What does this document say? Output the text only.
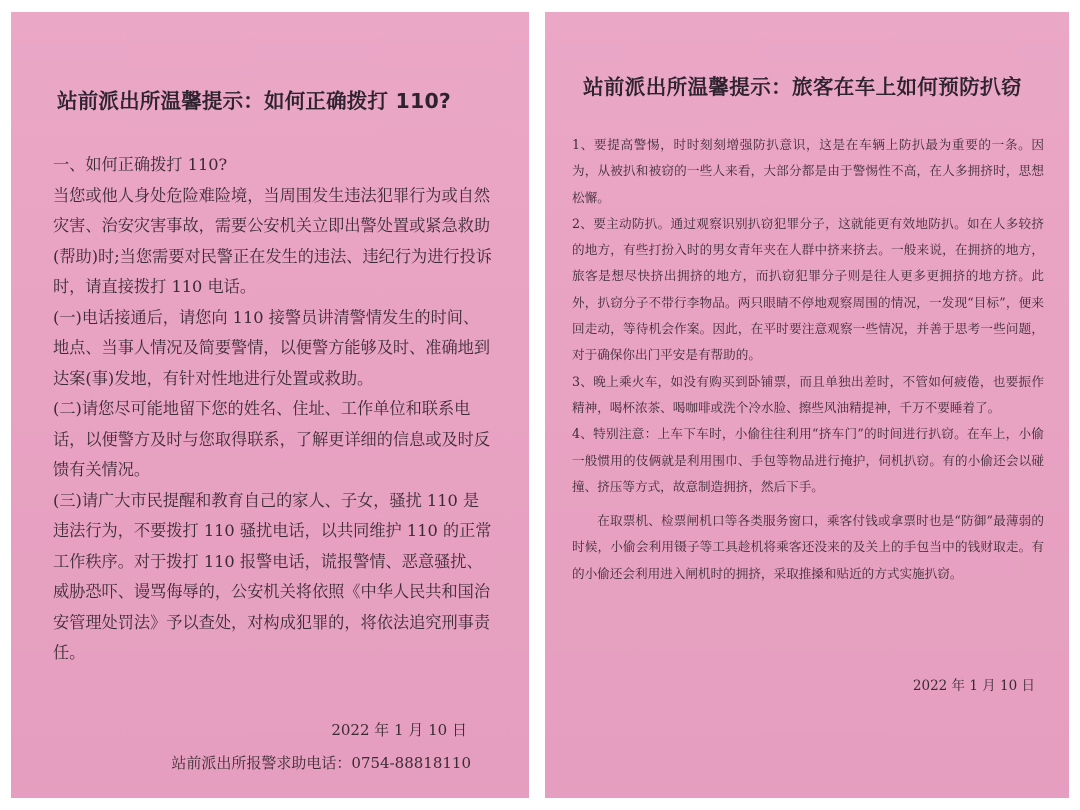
站前派出所温馨提示：如何正确拨打 110?

一、如何正确拨打 110?

当您或他人身处危险难险境，当周围发生违法犯罪行为或自然灾害、治安灾害事故，需要公安机关立即出警处置或紧急救助(帮助)时;当您需要对民警正在发生的违法、违纪行为进行投诉时，请直接拨打 110 电话。

(一)电话接通后，请您向 110 接警员讲清警情发生的时间、地点、当事人情况及简要警情，以便警方能够及时、准确地到达案(事)发地，有针对性地进行处置或救助。

(二)请您尽可能地留下您的姓名、住址、工作单位和联系电话，以便警方及时与您取得联系，了解更详细的信息或及时反馈有关情况。

(三)请广大市民提醒和教育自己的家人、子女，骚扰 110 是违法行为，不要拨打 110 骚扰电话，以共同维护 110 的正常工作秩序。对于拨打 110 报警电话，谎报警情、恶意骚扰、威胁恐吓、谩骂侮辱的，公安机关将依照《中华人民共和国治安管理处罚法》予以查处，对构成犯罪的，将依法追究刑事责任。

2022 年 1 月 10 日
站前派出所报警求助电话：0754-88818110
站前派出所温馨提示：旅客在车上如何预防扒窃

1、要提高警惕，时时刻刻增强防扒意识，这是在车辆上防扒最为重要的一条。因为，从被扒和被窃的一些人来看，大部分都是由于警惕性不高，在人多拥挤时，思想松懈。

2、要主动防扒。通过观察识别扒窃犯罪分子，这就能更有效地防扒。如在人多较挤的地方，有些打扮入时的男女青年夹在人群中挤来挤去。一般来说，在拥挤的地方，旅客是想尽快挤出拥挤的地方，而扒窃犯罪分子则是往人更多更拥挤的地方挤。此外，扒窃分子不带行李物品。两只眼睛不停地观察周围的情况，一发现“目标”，便来回走动，等待机会作案。因此，在平时要注意观察一些情况，并善于思考一些问题，对于确保你出门平安是有帮助的。

3、晚上乘火车，如没有购买到卧铺票，而且单独出差时，不管如何疲倦，也要振作精神，喝杯浓茶、喝咖啡或洗个冷水脸、擦些风油精提神，千万不要睡着了。

4、特别注意：上车下车时，小偷往往利用“挤车门”的时间进行扒窃。在车上，小偷一般惯用的伎俩就是利用围巾、手包等物品进行掩护，伺机扒窃。有的小偷还会以碰撞、挤压等方式，故意制造拥挤，然后下手。

在取票机、检票闸机口等各类服务窗口，乘客付钱或拿票时也是“防御”最薄弱的时候，小偷会利用镊子等工具趁机将乘客还没来的及关上的手包当中的钱财取走。有的小偷还会利用进入闸机时的拥挤，采取推搡和贴近的方式实施扒窃。

2022 年 1 月 10 日
